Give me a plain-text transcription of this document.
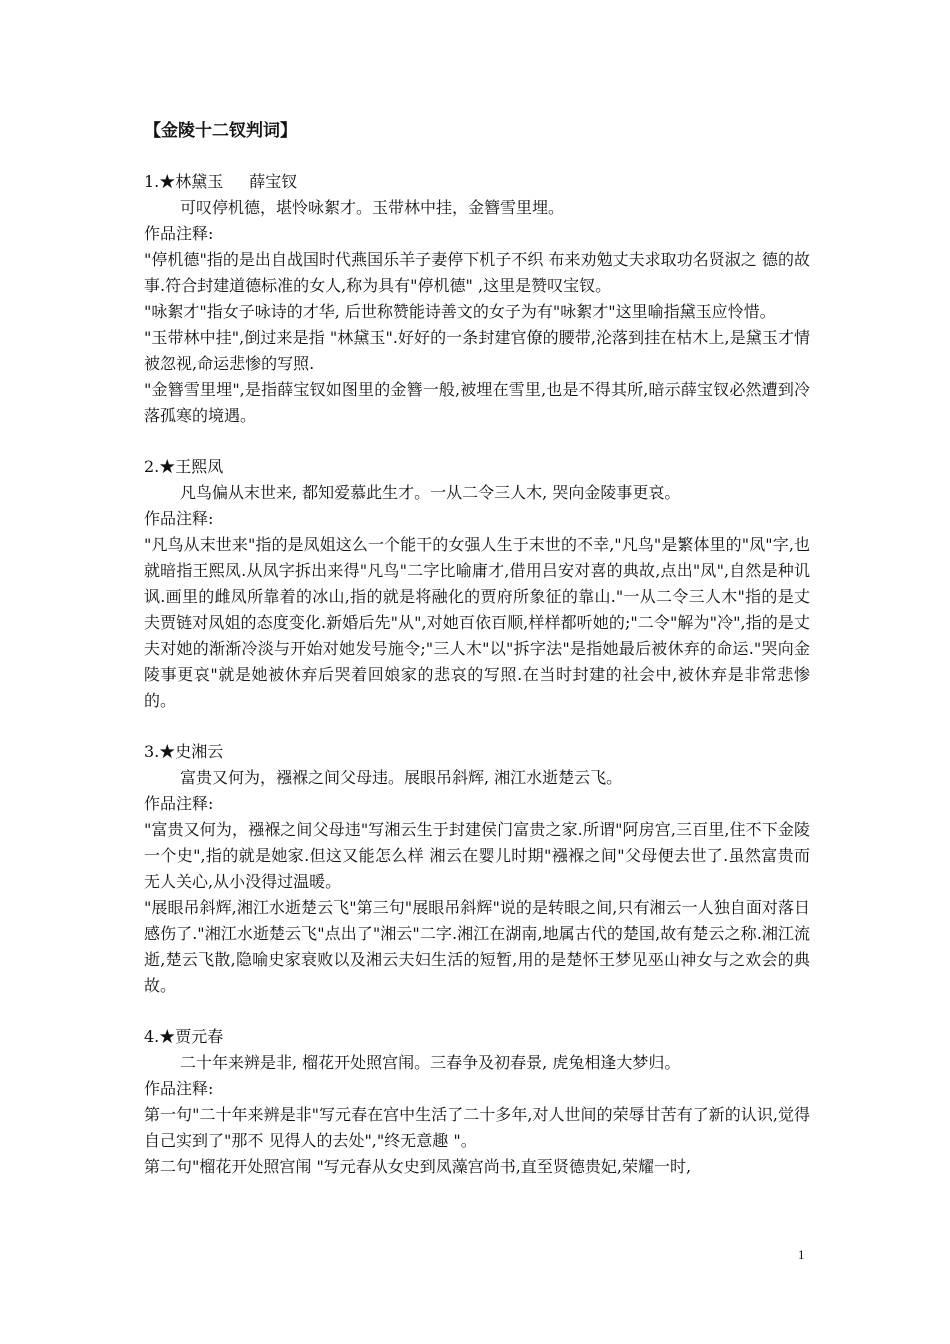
【金陵十二钗判词】
1.★林黛玉 薛宝钗
可叹停机德，堪怜咏絮才。玉带林中挂，金簪雪里埋。
作品注释:

"停机德"指的是出自战国时代燕国乐羊子妻停下机子不织 布来劝勉丈夫求取功名贤淑之 德的故事.符合封建道德标准的女人,称为具有"停机德" ,这里是赞叹宝钗。

"咏絮才"指女子咏诗的才华, 后世称赞能诗善文的女子为有"咏絮才"这里喻指黛玉应怜惜。

"玉带林中挂",倒过来是指 "林黛玉".好好的一条封建官僚的腰带,沦落到挂在枯木上,是黛玉才情被忽视,命运悲惨的写照.

"金簪雪里埋",是指薛宝钗如图里的金簪一般,被埋在雪里,也是不得其所,暗示薛宝钗必然遭到冷落孤寒的境遇。

2.★王熙凤
凡鸟偏从末世来, 都知爱慕此生才。一从二令三人木, 哭向金陵事更哀。
作品注释:

"凡鸟从末世来"指的是凤姐这么一个能干的女强人生于末世的不幸,"凡鸟"是繁体里的"凤"字,也就暗指王熙凤.从凤字拆出来得"凡鸟"二字比喻庸才,借用吕安对喜的典故,点出"凤",自然是种讥讽.画里的雌凤所靠着的冰山,指的就是将融化的贾府所象征的靠山."一从二令三人木"指的是丈夫贾链对凤姐的态度变化.新婚后先"从",对她百依百顺,样样都听她的;"二令"解为"冷",指的是丈夫对她的渐渐冷淡与开始对她发号施令;"三人木"以"拆字法"是指她最后被休弃的命运."哭向金陵事更哀"就是她被休弃后哭着回娘家的悲哀的写照.在当时封建的社会中,被休弃是非常悲惨的。

3.★史湘云
富贵又何为，襁褓之间父母违。展眼吊斜辉, 湘江水逝楚云飞。
作品注释:

"富贵又何为，襁褓之间父母违"写湘云生于封建侯门富贵之家.所谓"阿房宫,三百里,住不下金陵一个史",指的就是她家.但这又能怎么样 湘云在婴儿时期"襁褓之间"父母便去世了.虽然富贵而无人关心,从小没得过温暖。

"展眼吊斜辉,湘江水逝楚云飞"第三句"展眼吊斜辉"说的是转眼之间,只有湘云一人独自面对落日感伤了."湘江水逝楚云飞"点出了"湘云"二字.湘江在湖南,地属古代的楚国,故有楚云之称.湘江流逝,楚云飞散,隐喻史家衰败以及湘云夫妇生活的短暂,用的是楚怀王梦见巫山神女与之欢会的典故。

4.★贾元春
二十年来辨是非, 榴花开处照宫闱。三春争及初春景, 虎兔相逢大梦归。
作品注释:

第一句"二十年来辨是非"写元春在宫中生活了二十多年,对人世间的荣辱甘苦有了新的认识,觉得自己实到了"那不 见得人的去处","终无意趣 "。

第二句"榴花开处照宫闱 "写元春从女史到凤藻宫尚书,直至贤德贵妃,荣耀一时,

1
